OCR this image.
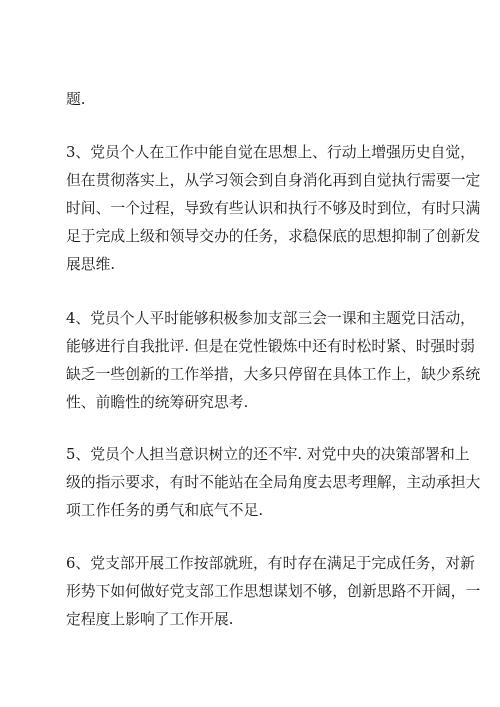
题.
3、党员个人在工作中能自觉在思想上、行动上增强历史自觉，
但在贯彻落实上，从学习领会到自身消化再到自觉执行需要一定
时间、一个过程，导致有些认识和执行不够及时到位，有时只满
足于完成上级和领导交办的任务，求稳保底的思想抑制了创新发
展思维.
4、党员个人平时能够积极参加支部三会一课和主题党日活动，
能够进行自我批评. 但是在党性锻炼中还有时松时紧、时强时弱
缺乏一些创新的工作举措，大多只停留在具体工作上，缺少系统
性、前瞻性的统筹研究思考.
5、党员个人担当意识树立的还不牢. 对党中央的决策部署和上
级的指示要求，有时不能站在全局角度去思考理解，主动承担大
项工作任务的勇气和底气不足.
6、党支部开展工作按部就班，有时存在满足于完成任务，对新
形势下如何做好党支部工作思想谋划不够，创新思路不开阔，一
定程度上影响了工作开展.
